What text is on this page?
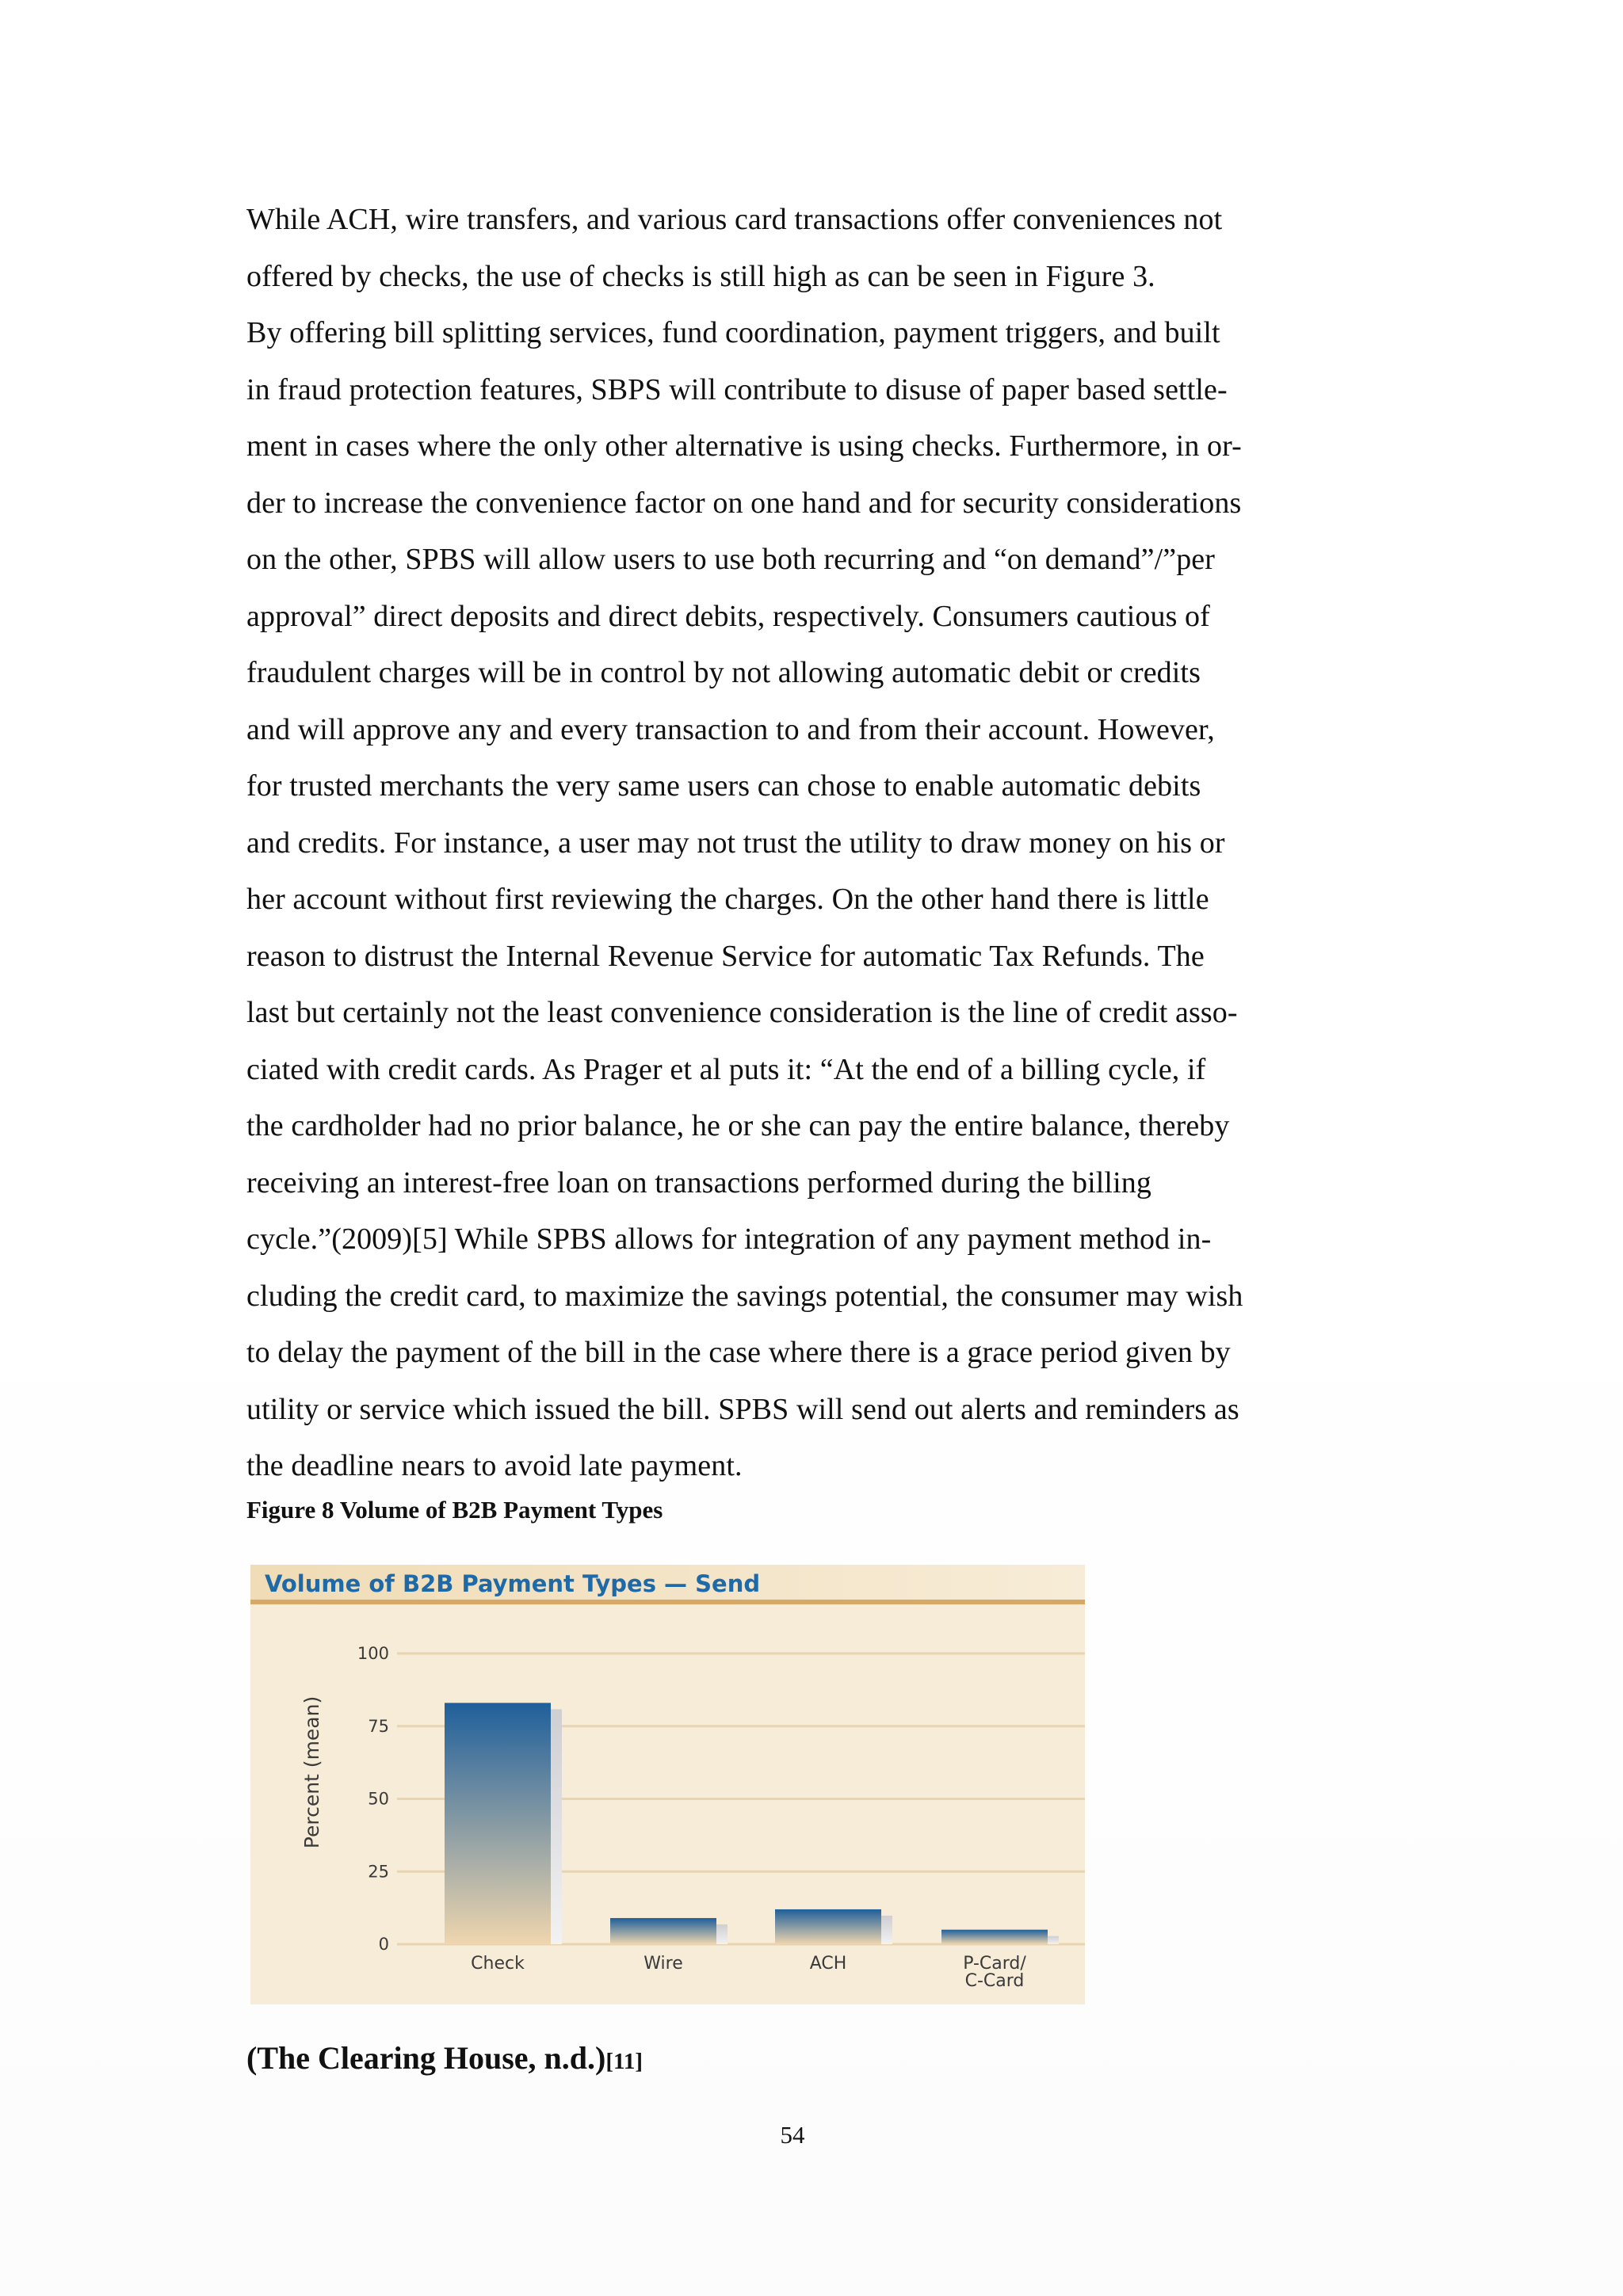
While ACH, wire transfers, and various card transactions offer conveniences not
offered by checks, the use of checks is still high as can be seen in Figure 3.
By offering bill splitting services, fund coordination, payment triggers, and built
in fraud protection features, SBPS will contribute to disuse of paper based settle-
ment in cases where the only other alternative is using checks. Furthermore, in or-
der to increase the convenience factor on one hand and for security considerations
on the other, SPBS will allow users to use both recurring and “on demand”/”per
approval” direct deposits and direct debits, respectively. Consumers cautious of
fraudulent charges will be in control by not allowing automatic debit or credits
and will approve any and every transaction to and from their account. However,
for trusted merchants the very same users can chose to enable automatic debits
and credits. For instance, a user may not trust the utility to draw money on his or
her account without first reviewing the charges. On the other hand there is little
reason to distrust the Internal Revenue Service for automatic Tax Refunds. The
last but certainly not the least convenience consideration is the line of credit asso-
ciated with credit cards. As Prager et al puts it: “At the end of a billing cycle, if
the cardholder had no prior balance, he or she can pay the entire balance, thereby
receiving an interest-free loan on transactions performed during the billing
cycle.”(2009)[5] While SPBS allows for integration of any payment method in-
cluding the credit card, to maximize the savings potential, the consumer may wish
to delay the payment of the bill in the case where there is a grace period given by
utility or service which issued the bill. SPBS will send out alerts and reminders as
the deadline nears to avoid late payment.
Figure 8 Volume of B2B Payment Types
Volume of B2B Payment Types — Send
0
25
50
75
100
Percent (mean)
Check	Wire	ACH	P-Card/
C-Card
(The Clearing House, n.d.)[11]
54
